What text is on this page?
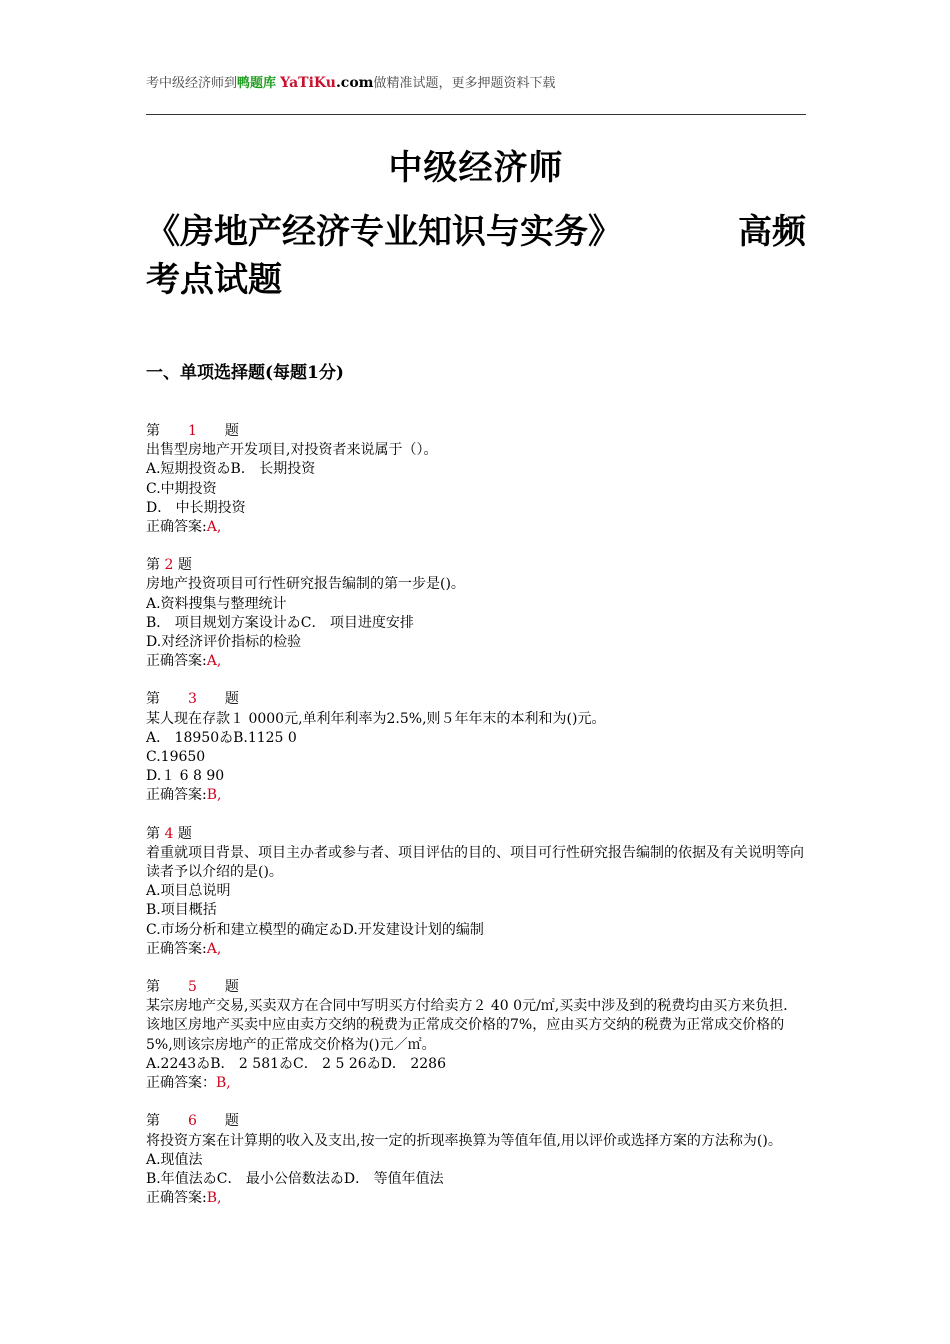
考中级经济师到鸭题库 YaTiKu.com做精准试题，更多押题资料下载
中级经济师
《房地产经济专业知识与实务》	高频
考点试题
一、单项选择题(每题1分)
第　　 1　　 题
出售型房地产开发项目,对投资者来说属于（）。
A.短期投资ゐB． 长期投资
C.中期投资
D． 中长期投资
正确答案:A,
第 2 题
房地产投资项目可行性研究报告编制的第一步是()。
A.资料搜集与整理统计
B． 项目规划方案设计ゐC． 项目进度安排
D.对经济评价指标的检验
正确答案:A,
第　　 3　　 题
某人现在存款１ 0000元,单利年利率为2.5%,则５年年末的本利和为()元。
A． 18950ゐB.1125 0
C.19650
D.１ 6 8 90
正确答案:B,
第 4 题
着重就项目背景、项目主办者或参与者、项目评估的目的、项目可行性研究报告编制的依据及有关说明等向读者予以介绍的是()。
A.项目总说明
B.项目概括
C.市场分析和建立模型的确定ゐD.开发建设计划的编制
正确答案:A,
第　　 5　　 题
某宗房地产交易,买卖双方在合同中写明买方付给卖方２ 40 0元/㎡,买卖中涉及到的税费均由买方来负担． 该地区房地产买卖中应由卖方交纳的税费为正常成交价格的7%，应由买方交纳的税费为正常成交价格的5%,则该宗房地产的正常成交价格为()元／㎡。
A.2243ゐB． 2 581ゐC． 2 5 26ゐD． 2286
正确答案：B,
第　　 6　　 题
将投资方案在计算期的收入及支出,按一定的折现率换算为等值年值,用以评价或选择方案的方法称为()。
A.现值法
B.年值法ゐC． 最小公倍数法ゐD． 等值年值法
正确答案:B,
